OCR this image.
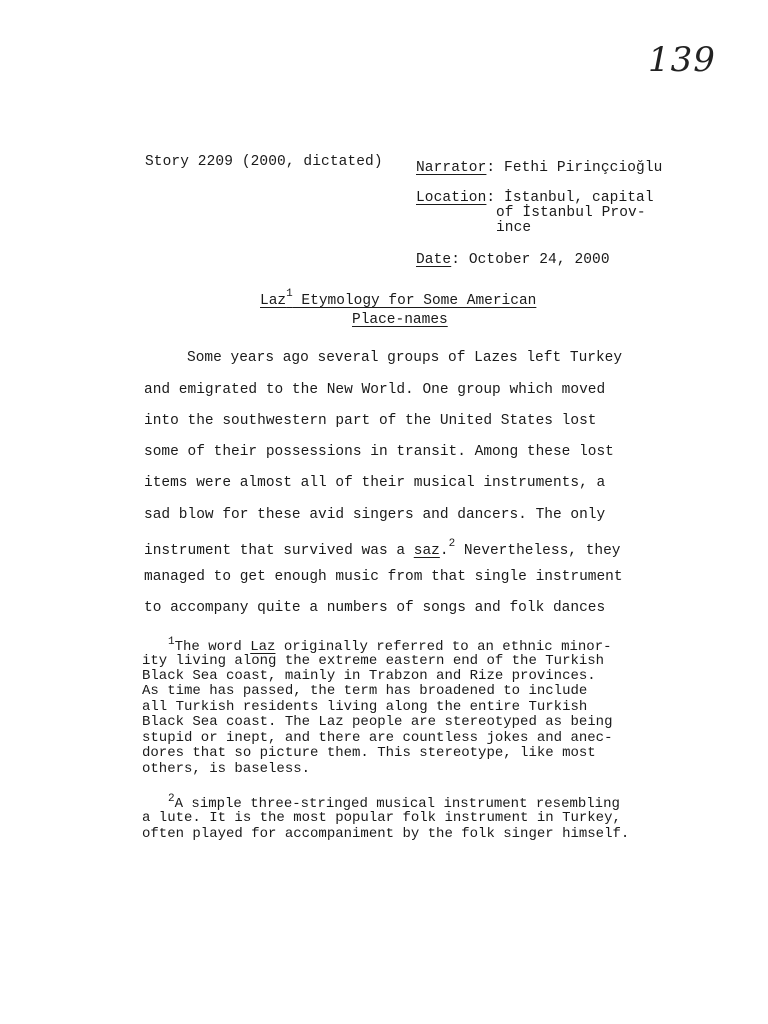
139
Story 2209 (2000, dictated) Narrator: Fethi Pirinçcioğlu
Location: İstanbul, capital
of İstanbul Prov-
ince
Date: October 24, 2000
Laz$^1$ Etymology for Some American
Place-names
Some years ago several groups of Lazes left Turkey
and emigrated to the New World. One group which moved
into the southwestern part of the United States lost
some of their possessions in transit. Among these lost
items were almost all of their musical instruments, a
sad blow for these avid singers and dancers. The only
instrument that survived was a saz.$^2$ Nevertheless, they
managed to get enough music from that single instrument
to accompany quite a numbers of songs and folk dances
$^1$The word Laz originally referred to an ethnic minor-
ity living along the extreme eastern end of the Turkish
Black Sea coast, mainly in Trabzon and Rize provinces.
As time has passed, the term has broadened to include
all Turkish residents living along the entire Turkish
Black Sea coast. The Laz people are stereotyped as being
stupid or inept, and there are countless jokes and anec-
dores that so picture them. This stereotype, like most
others, is baseless.
$^2$A simple three-stringed musical instrument resembling
a lute. It is the most popular folk instrument in Turkey,
often played for accompaniment by the folk singer himself.
